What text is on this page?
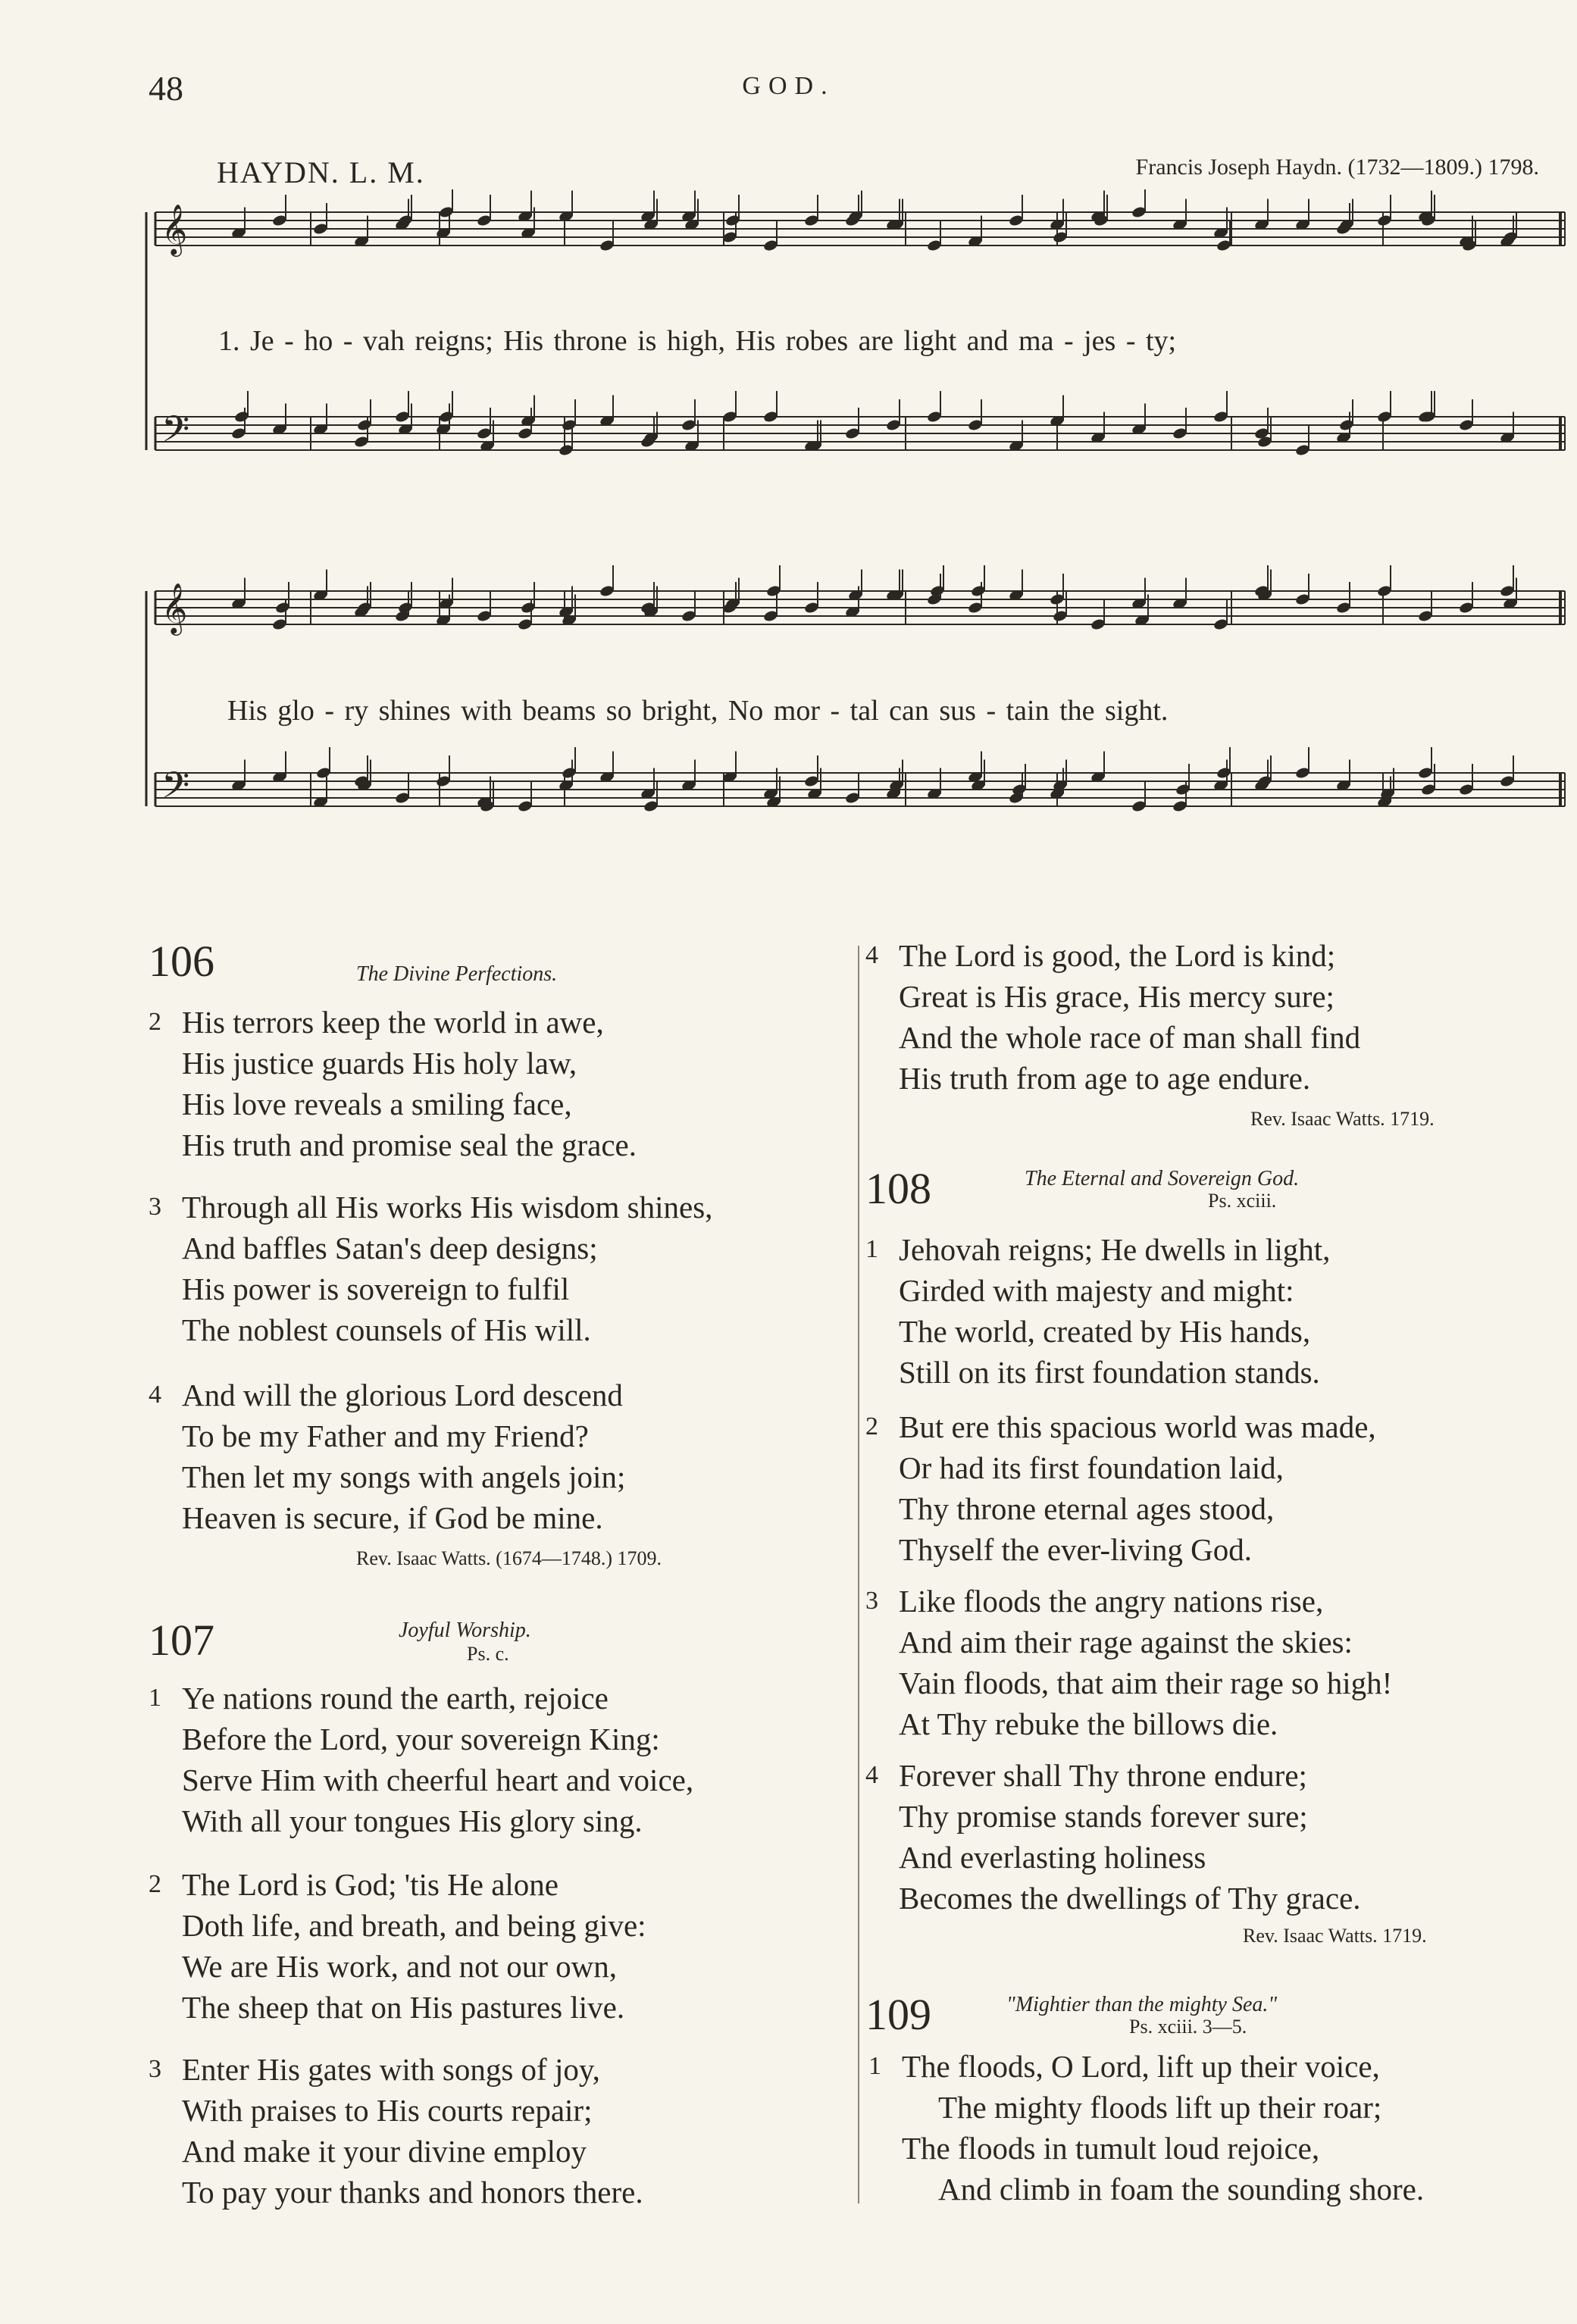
48	GOD.
HAYDN. L. M.	Francis Joseph Haydn. (1732—1809.) 1798.
𝄞
𝄢
𝄞
𝄢
1. Je - ho - vah reigns; His throne is high, His robes are light and ma - jes - ty;
His glo - ry shines with beams so bright, No mor - tal can sus - tain the sight.
106	The Divine Perfections.
2 His terrors keep the world in awe,
His justice guards His holy law,
His love reveals a smiling face,
His truth and promise seal the grace.
3 Through all His works His wisdom shines,
And baffles Satan's deep designs;
His power is sovereign to fulfil
The noblest counsels of His will.
4 And will the glorious Lord descend
To be my Father and my Friend?
Then let my songs with angels join;
Heaven is secure, if God be mine.
Rev. Isaac Watts. (1674—1748.) 1709.
107	Joyful Worship.
Ps. c.
1 Ye nations round the earth, rejoice
Before the Lord, your sovereign King:
Serve Him with cheerful heart and voice,
With all your tongues His glory sing.
2 The Lord is God; 'tis He alone
Doth life, and breath, and being give:
We are His work, and not our own,
The sheep that on His pastures live.
3 Enter His gates with songs of joy,
With praises to His courts repair;
And make it your divine employ
To pay your thanks and honors there.
4 The Lord is good, the Lord is kind;
Great is His grace, His mercy sure;
And the whole race of man shall find
His truth from age to age endure.
Rev. Isaac Watts. 1719.
108	The Eternal and Sovereign God.
Ps. xciii.
1 Jehovah reigns; He dwells in light,
Girded with majesty and might:
The world, created by His hands,
Still on its first foundation stands.
2 But ere this spacious world was made,
Or had its first foundation laid,
Thy throne eternal ages stood,
Thyself the ever-living God.
3 Like floods the angry nations rise,
And aim their rage against the skies:
Vain floods, that aim their rage so high!
At Thy rebuke the billows die.
4 Forever shall Thy throne endure;
Thy promise stands forever sure;
And everlasting holiness
Becomes the dwellings of Thy grace.
Rev. Isaac Watts. 1719.
109	"Mightier than the mighty Sea."
Ps. xciii. 3—5.
1 The floods, O Lord, lift up their voice,
The mighty floods lift up their roar;
The floods in tumult loud rejoice,
And climb in foam the sounding shore.
